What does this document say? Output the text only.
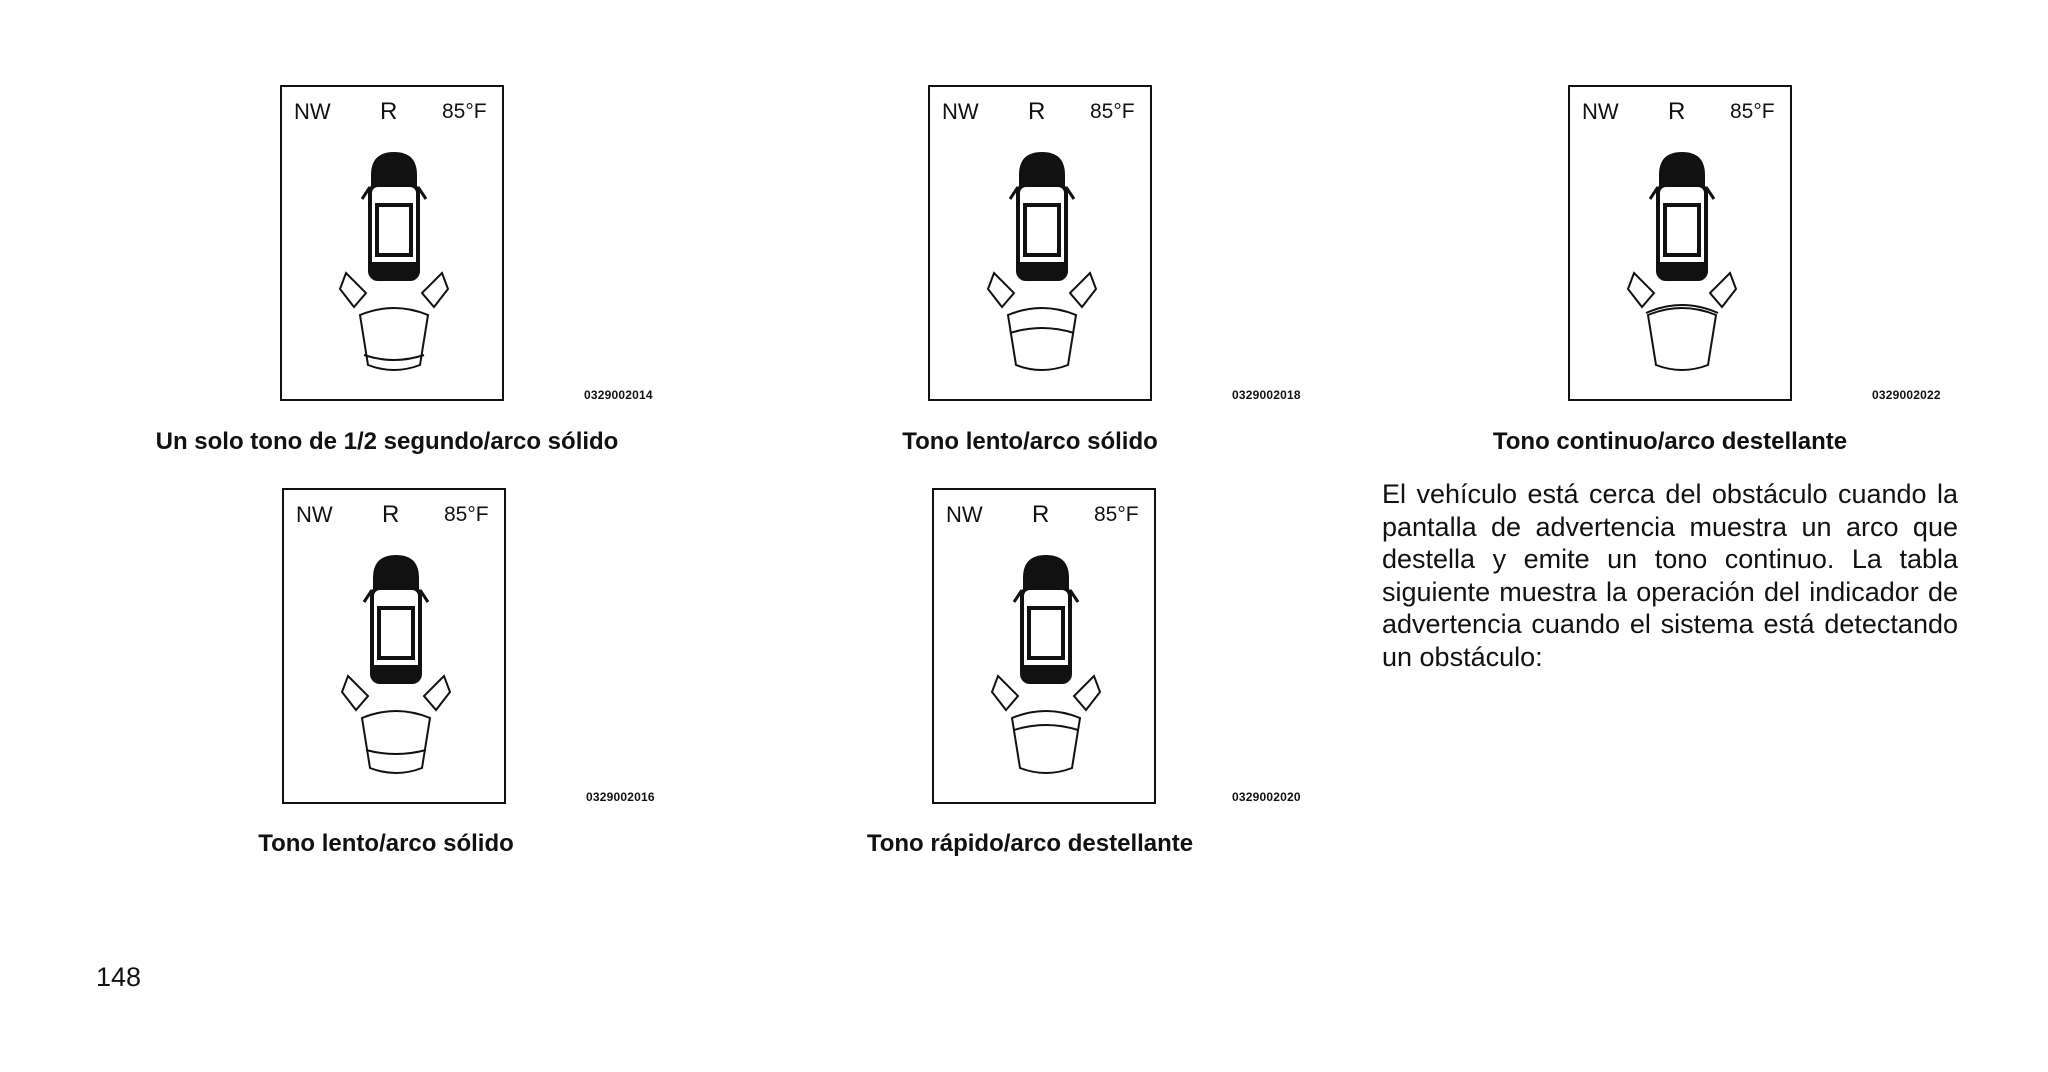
NW R 85°F
0329002014
Un solo tono de 1/2 segundo/arco sólido
NW R 85°F
0329002018
Tono lento/arco sólido
NW R 85°F
0329002022
Tono continuo/arco destellante
NW R 85°F
0329002016
Tono lento/arco sólido
NW R 85°F
0329002020
Tono rápido/arco destellante

El vehículo está cerca del obstáculo cuando la pantalla de advertencia muestra un arco que destella y emite un tono continuo. La tabla siguiente muestra la operación del indicador de advertencia cuando el sistema está detectando un obstáculo:

148
